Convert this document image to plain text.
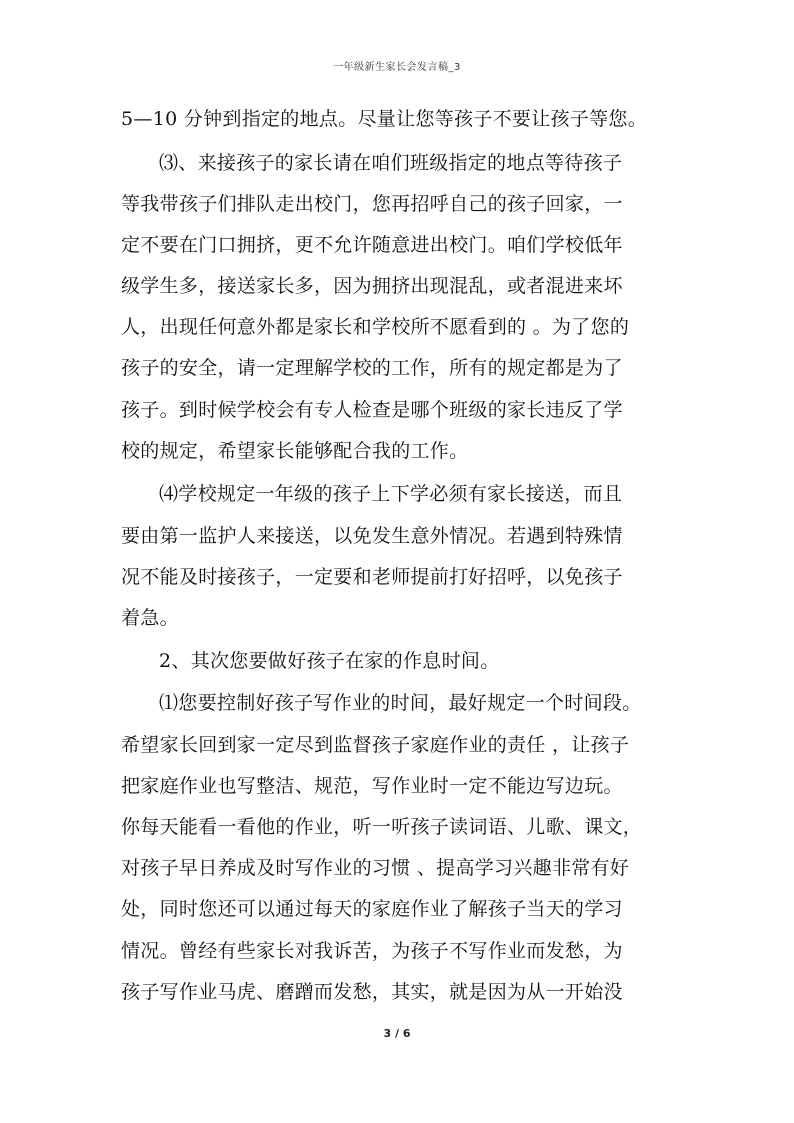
一年级新生家长会发言稿_3
5—10 分钟到指定的地点。尽量让您等孩子不要让孩子等您。
⑶、来接孩子的家长请在咱们班级指定的地点等待孩子
等我带孩子们排队走出校门，您再招呼自己的孩子回家，一
定不要在门口拥挤，更不允许随意进出校门。咱们学校低年
级学生多，接送家长多，因为拥挤出现混乱，或者混进来坏
人，出现任何意外都是家长和学校所不愿看到的 。为了您的
孩子的安全，请一定理解学校的工作，所有的规定都是为了
孩子。到时候学校会有专人检查是哪个班级的家长违反了学
校的规定，希望家长能够配合我的工作。
⑷学校规定一年级的孩子上下学必须有家长接送，而且
要由第一监护人来接送，以免发生意外情况。若遇到特殊情
况不能及时接孩子，一定要和老师提前打好招呼，以免孩子
着急。
2、其次您要做好孩子在家的作息时间。
⑴您要控制好孩子写作业的时间，最好规定一个时间段。
希望家长回到家一定尽到监督孩子家庭作业的责任 ，让孩子
把家庭作业也写整洁、规范，写作业时一定不能边写边玩。
你每天能看一看他的作业，听一听孩子读词语、儿歌、课文，
对孩子早日养成及时写作业的习惯 、提高学习兴趣非常有好
处，同时您还可以通过每天的家庭作业了解孩子当天的学习
情况。曾经有些家长对我诉苦，为孩子不写作业而发愁，为
孩子写作业马虎、磨蹭而发愁，其实，就是因为从一开始没
3 / 6
